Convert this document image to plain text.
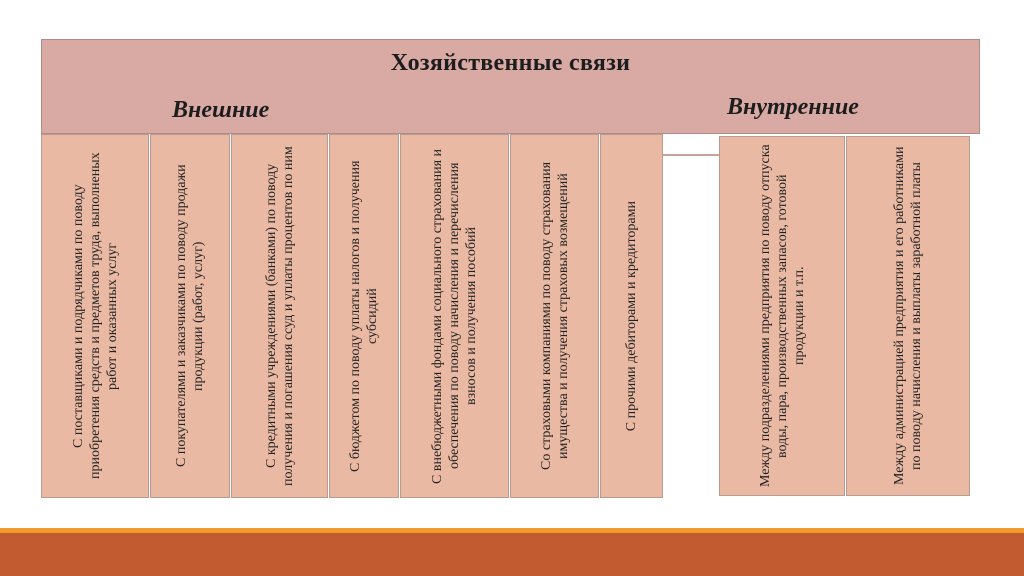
Хозяйственные связи
Внешние	Внутренние
С поставщиками и подрядчиками по поводу приобретения средств и предметов труда, выполненых работ и оказанных услуг	С покупателями и заказчиками по поводу продажи продукции (работ, услуг)	С кредитными учреждениями (банками) по поводу получения и погашения ссуд и уплаты процентов по ним	С бюджетом по поводу уплаты налогов и получения субсидий	С внебюджетными фондами социального страхования и обеспечения по поводу начисления и перечисления взносов и получения пособий	Со страховыми компаниями по поводу страхования имущества и получения страховых возмещений	С прочими дебиторами и кредиторами	Между подразделениями предприятия по поводу отпуска воды, пара, производственных запасов, готовой продукции и т.п.	Между администрацией предприятия и его работниками по поводу начисления и выплаты заработной платы
